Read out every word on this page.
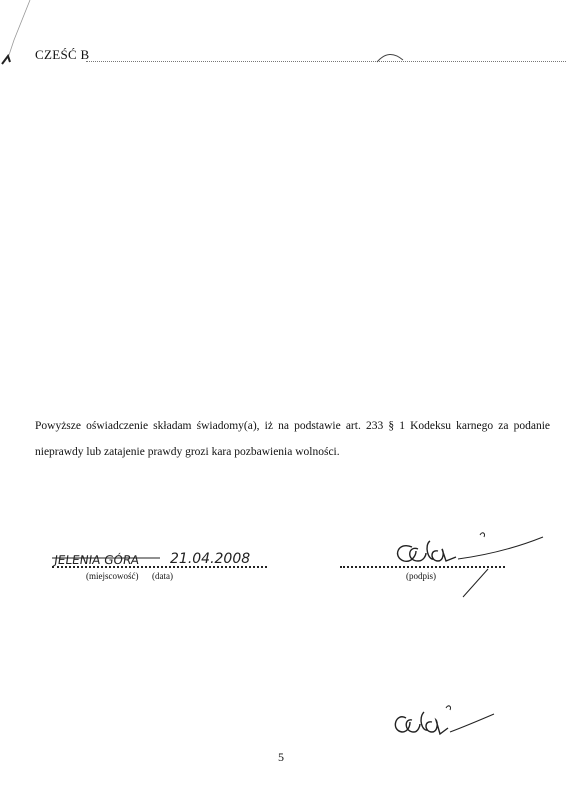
CZEŚĆ B
Powyższe oświadczenie składam świadomy(a), iż na podstawie art. 233 § 1 Kodeksu karnego za podanie nieprawdy lub zatajenie prawdy grozi kara pozbawienia wolności.
JELENIA GÓRA 21.04.2008
(miejscowość) (data)	(podpis)
5
